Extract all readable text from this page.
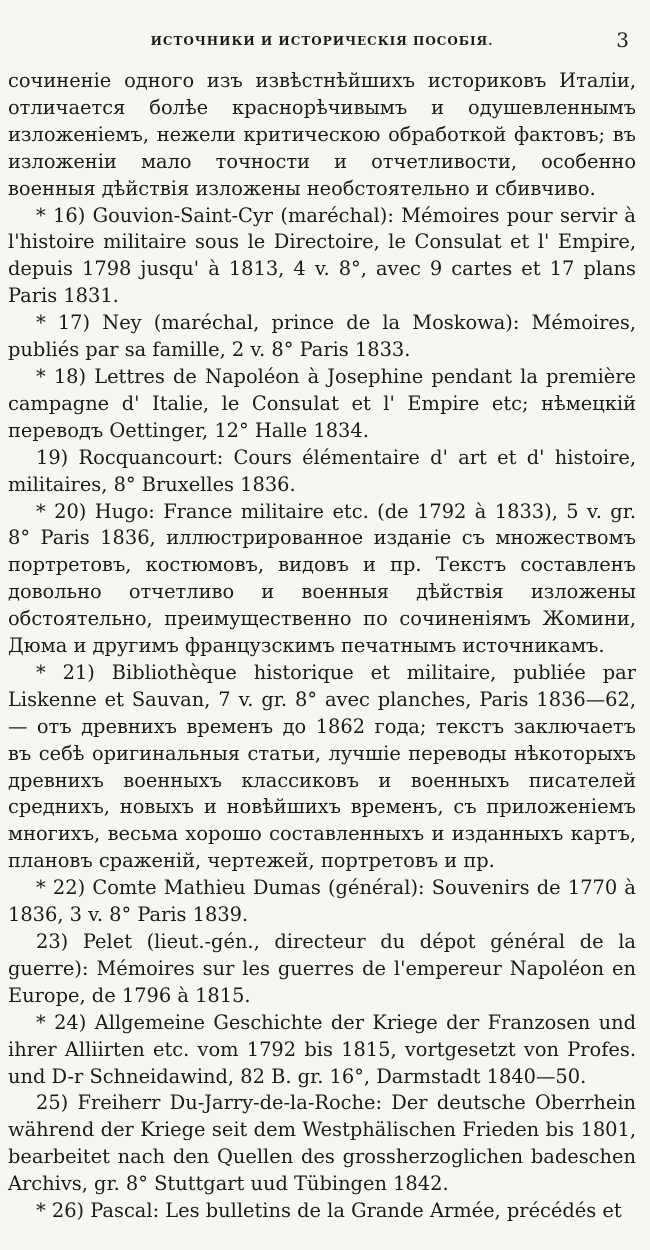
ИСТОЧНИКИ И ИСТОРИЧЕСКІЯ ПОСОБІЯ.	3

сочиненіе одного изъ извѣстнѣйшихъ историковъ Италіи, отличается болѣе краснорѣчивымъ и одушевленнымъ изложеніемъ, нежели критическою обработкой фактовъ; въ изложеніи мало точности и отчетливости, особенно военныя дѣйствія изложены необстоятельно и сбивчиво.

* 16) Gouvion-Saint-Cyr (maréchal): Mémoires pour servir à l'histoire militaire sous le Directoire, le Consulat et l' Empire, depuis 1798 jusqu' à 1813, 4 v. 8°, avec 9 cartes et 17 plans Paris 1831.

* 17) Ney (maréchal, prince de la Moskowa): Mémoires, publiés par sa famille, 2 v. 8° Paris 1833.

* 18) Lettres de Napoléon à Josephine pendant la première campagne d' Italie, le Consulat et l' Empire etc; нѣмецкій переводъ Oettinger, 12° Halle 1834.

19) Rocquancourt: Cours élémentaire d' art et d' histoire, militaires, 8° Bruxelles 1836.

* 20) Hugo: France militaire etc. (de 1792 à 1833), 5 v. gr. 8° Paris 1836, иллюстрированное изданіе съ множествомъ портретовъ, костюмовъ, видовъ и пр. Текстъ составленъ довольно отчетливо и военныя дѣйствія изложены обстоятельно, преимущественно по сочиненіямъ Жомини, Дюма и другимъ французскимъ печатнымъ источникамъ.

* 21) Bibliothèque historique et militaire, publiée par Liskenne et Sauvan, 7 v. gr. 8° avec planches, Paris 1836—62, — отъ древнихъ временъ до 1862 года; текстъ заключаетъ въ себѣ оригинальныя статьи, лучшіе переводы нѣкоторыхъ древнихъ военныхъ классиковъ и военныхъ писателей среднихъ, новыхъ и новѣйшихъ временъ, съ приложеніемъ многихъ, весьма хорошо составленныхъ и изданныхъ картъ, плановъ сраженій, чертежей, портретовъ и пр.

* 22) Comte Mathieu Dumas (général): Souvenirs de 1770 à 1836, 3 v. 8° Paris 1839.

23) Pelet (lieut.-gén., directeur du dépot général de la guerre): Mémoires sur les guerres de l'empereur Napoléon en Europe, de 1796 à 1815.

* 24) Allgemeine Geschichte der Kriege der Franzosen und ihrer Alliirten etc. vom 1792 bis 1815, vortgesetzt von Profes. und D-r Schneidawind, 82 B. gr. 16°, Darmstadt 1840—50.

25) Freiherr Du-Jarry-de-la-Roche: Der deutsche Oberrhein während der Kriege seit dem Westphälischen Frieden bis 1801, bearbeitet nach den Quellen des grossherzoglichen badeschen Archivs, gr. 8° Stuttgart uud Tübingen 1842.

* 26) Pascal: Les bulletins de la Grande Armée, précédés et
